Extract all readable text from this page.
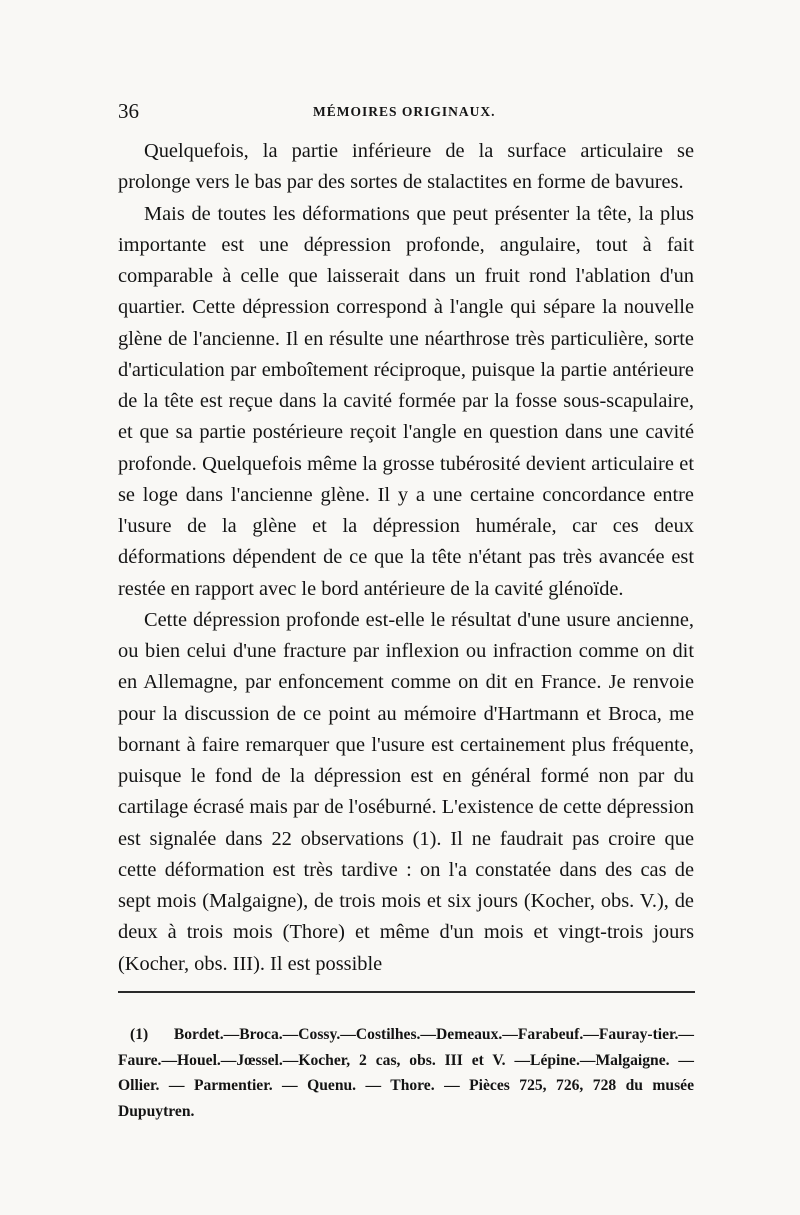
36	MÉMOIRES ORIGINAUX.

Quelquefois, la partie inférieure de la surface articulaire se prolonge vers le bas par des sortes de stalactites en forme de bavures.

Mais de toutes les déformations que peut présenter la tête, la plus importante est une dépression profonde, angulaire, tout à fait comparable à celle que laisserait dans un fruit rond l'ablation d'un quartier. Cette dépression correspond à l'angle qui sépare la nouvelle glène de l'ancienne. Il en résulte une néarthrose très particulière, sorte d'articulation par emboîtement réciproque, puisque la partie antérieure de la tête est reçue dans la cavité formée par la fosse sous-scapulaire, et que sa partie postérieure reçoit l'angle en question dans une cavité profonde. Quelquefois même la grosse tubérosité devient articulaire et se loge dans l'ancienne glène. Il y a une certaine concordance entre l'usure de la glène et la dépression humérale, car ces deux déformations dépendent de ce que la tête n'étant pas très avancée est restée en rapport avec le bord antérieure de la cavité glénoïde.

Cette dépression profonde est-elle le résultat d'une usure ancienne, ou bien celui d'une fracture par inflexion ou infraction comme on dit en Allemagne, par enfoncement comme on dit en France. Je renvoie pour la discussion de ce point au mémoire d'Hartmann et Broca, me bornant à faire remarquer que l'usure est certainement plus fréquente, puisque le fond de la dépression est en général formé non par du cartilage écrasé mais par de l'oséburné. L'existence de cette dépression est signalée dans 22 observations (1). Il ne faudrait pas croire que cette déformation est très tardive : on l'a constatée dans des cas de sept mois (Malgaigne), de trois mois et six jours (Kocher, obs. V.), de deux à trois mois (Thore) et même d'un mois et vingt-trois jours (Kocher, obs. III). Il est possible

(1) Bordet.—Broca.—Cossy.—Costilhes.—Demeaux.—Farabeuf.—Fauray-tier.—Faure.—Houel.—Jœssel.—Kocher, 2 cas, obs. III et V. —Lépine.—Malgaigne. — Ollier. — Parmentier. — Quenu. — Thore. — Pièces 725, 726, 728 du musée Dupuytren.
